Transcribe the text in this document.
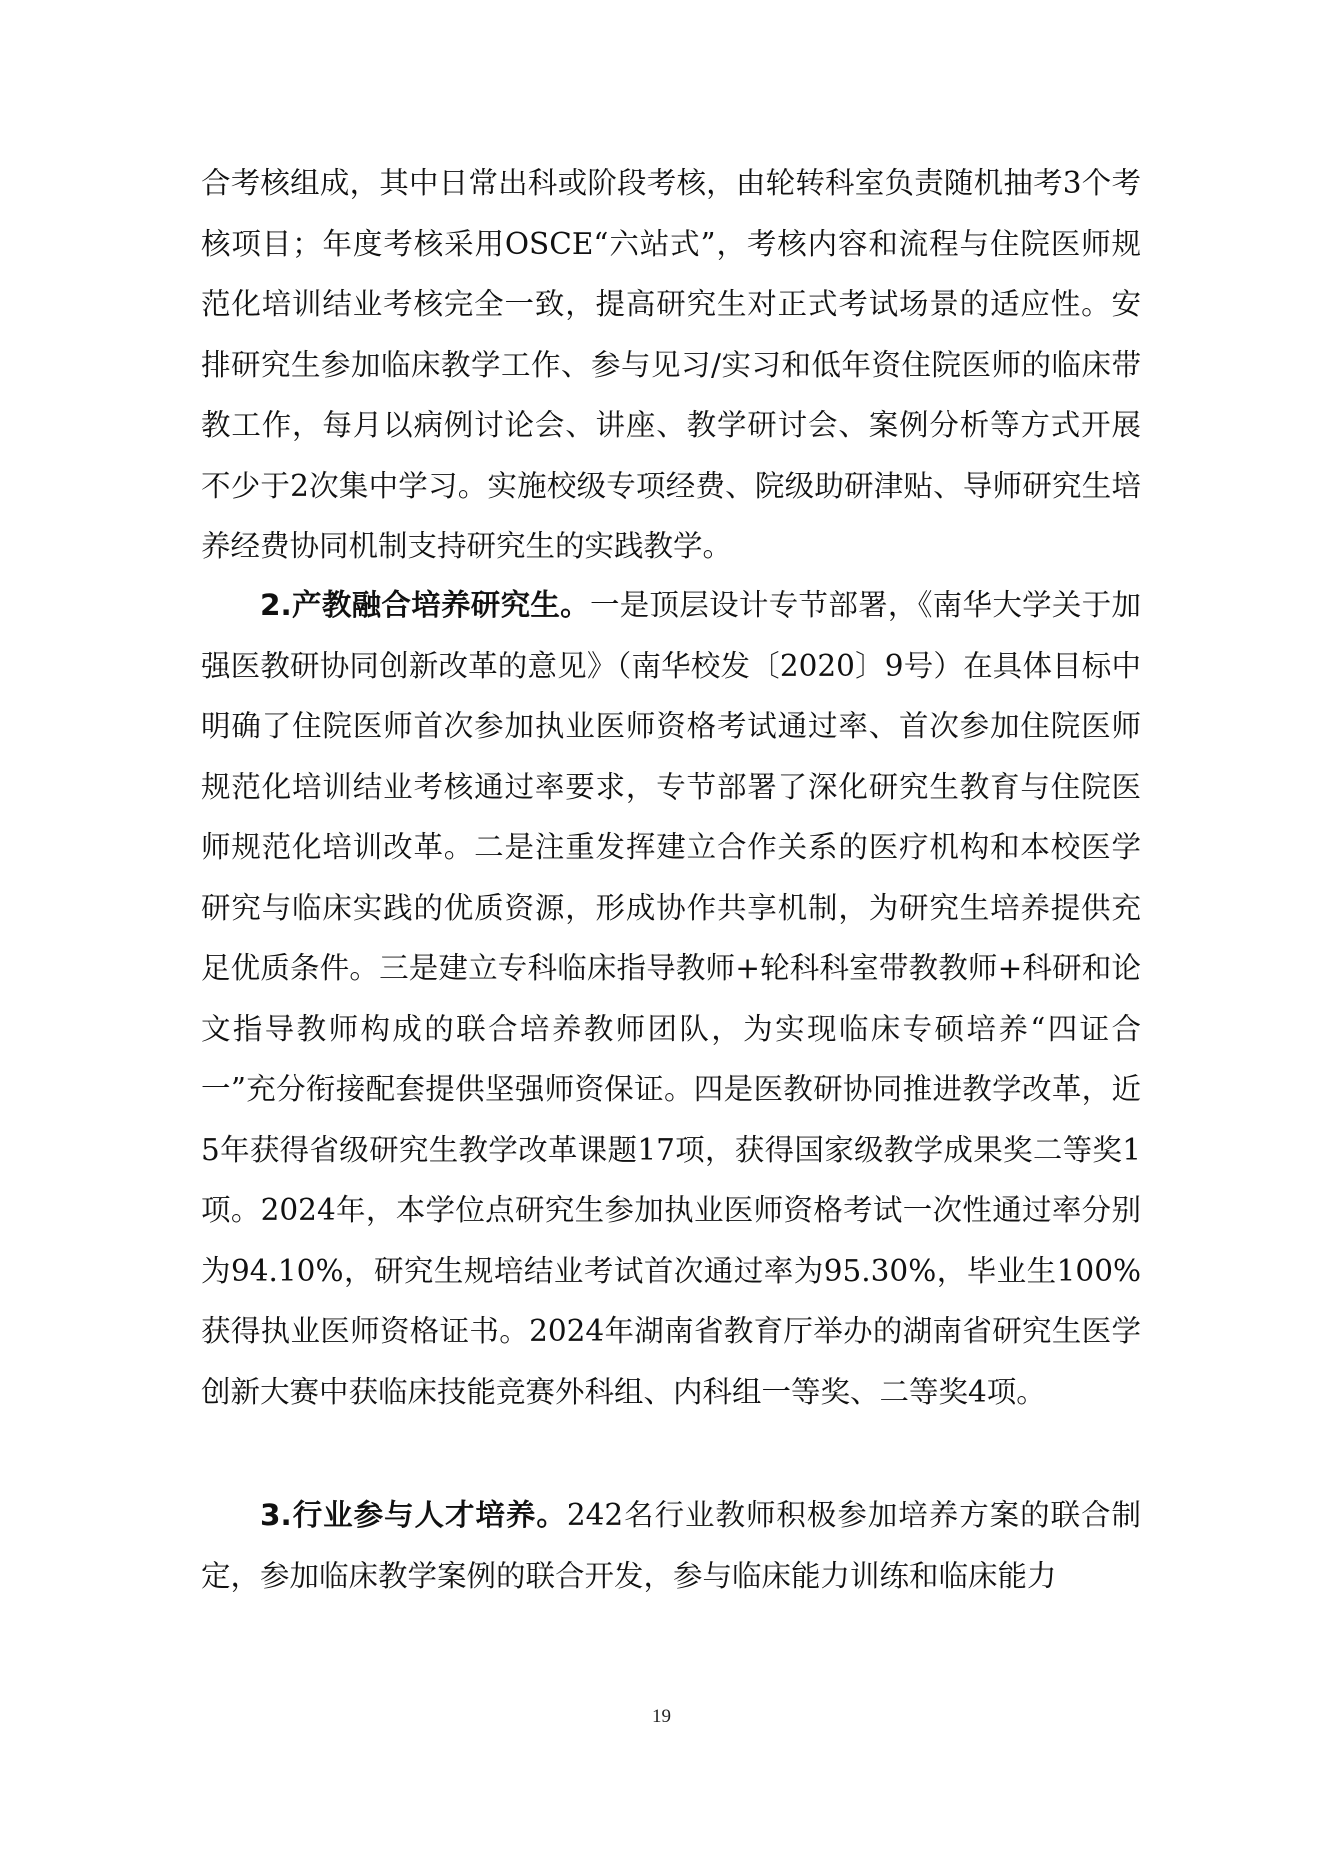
合考核组成，其中日常出科或阶段考核，由轮转科室负责随机抽考3个考核项目；年度考核采用OSCE“六站式”，考核内容和流程与住院医师规范化培训结业考核完全一致，提高研究生对正式考试场景的适应性。安排研究生参加临床教学工作、参与见习/实习和低年资住院医师的临床带教工作，每月以病例讨论会、讲座、教学研讨会、案例分析等方式开展不少于2次集中学习。实施校级专项经费、院级助研津贴、导师研究生培养经费协同机制支持研究生的实践教学。

2.产教融合培养研究生。一是顶层设计专节部署，《南华大学关于加强医教研协同创新改革的意见》（南华校发〔2020〕9号）在具体目标中明确了住院医师首次参加执业医师资格考试通过率、首次参加住院医师规范化培训结业考核通过率要求，专节部署了深化研究生教育与住院医师规范化培训改革。二是注重发挥建立合作关系的医疗机构和本校医学研究与临床实践的优质资源，形成协作共享机制，为研究生培养提供充足优质条件。三是建立专科临床指导教师+轮科科室带教教师+科研和论文指导教师构成的联合培养教师团队，为实现临床专硕培养“四证合一”充分衔接配套提供坚强师资保证。四是医教研协同推进教学改革，近5年获得省级研究生教学改革课题17项，获得国家级教学成果奖二等奖1项。2024年，本学位点研究生参加执业医师资格考试一次性通过率分别为94.10%，研究生规培结业考试首次通过率为95.30%，毕业生100%获得执业医师资格证书。2024年湖南省教育厅举办的湖南省研究生医学创新大赛中获临床技能竞赛外科组、内科组一等奖、二等奖4项。

3.行业参与人才培养。242名行业教师积极参加培养方案的联合制定，参加临床教学案例的联合开发，参与临床能力训练和临床能力

19
